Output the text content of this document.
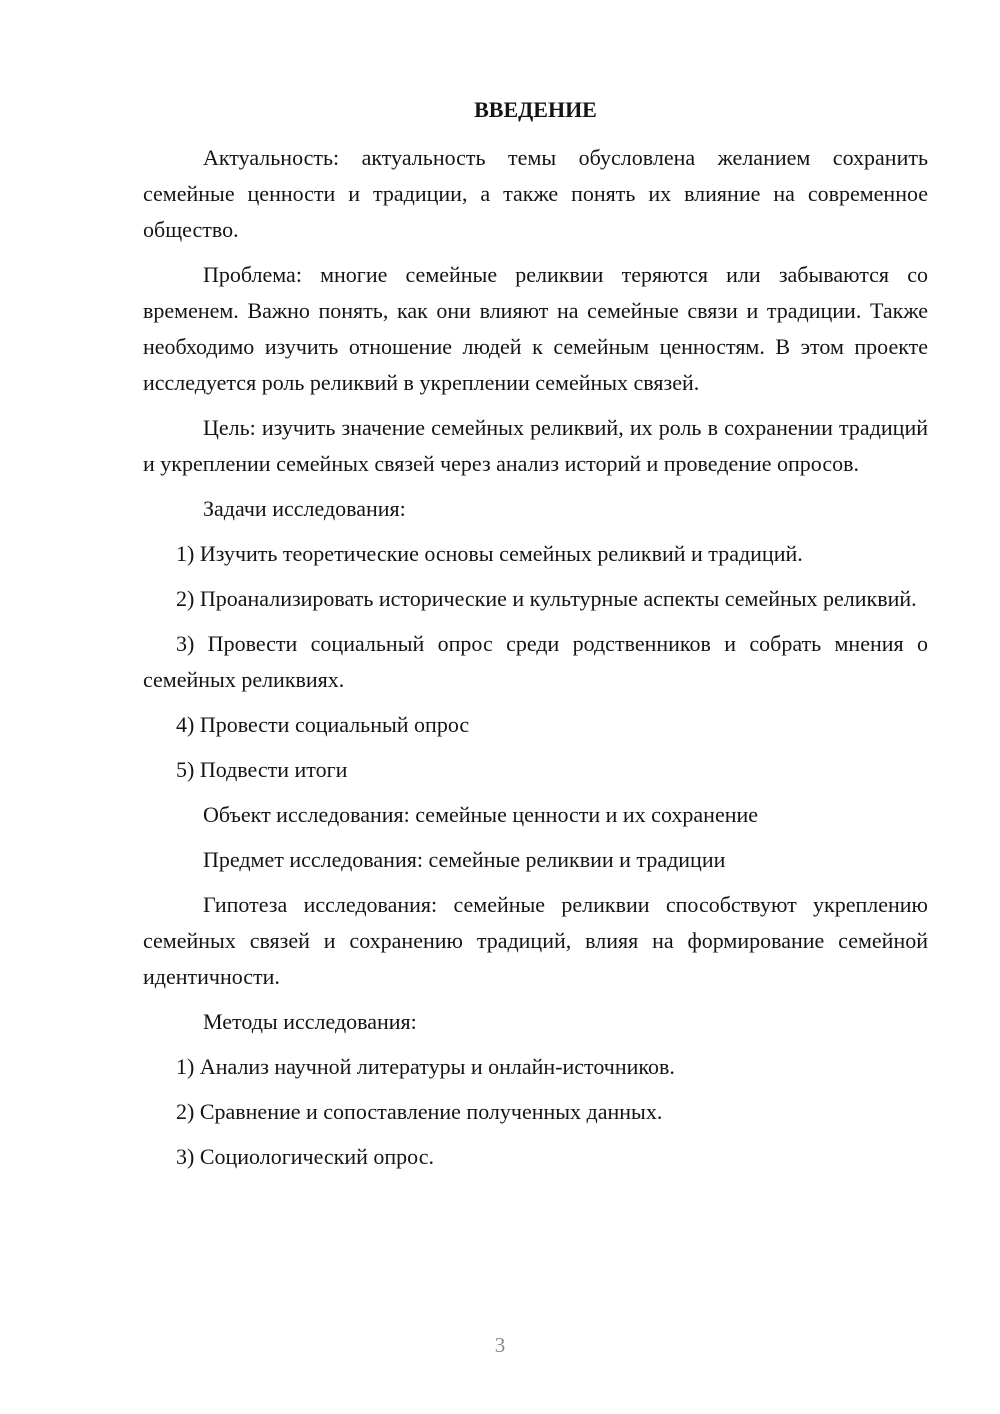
ВВЕДЕНИЕ
Актуальность: актуальность темы обусловлена желанием сохранить семейные ценности и традиции, а также понять их влияние на современное общество.
Проблема: многие семейные реликвии теряются или забываются со временем. Важно понять, как они влияют на семейные связи и традиции. Также необходимо изучить отношение людей к семейным ценностям. В этом проекте исследуется роль реликвий в укреплении семейных связей.
Цель: изучить значение семейных реликвий, их роль в сохранении традиций и укреплении семейных связей через анализ историй и проведение опросов.
Задачи исследования:
1) Изучить теоретические основы семейных реликвий и традиций.
2) Проанализировать исторические и культурные аспекты семейных реликвий.
3) Провести социальный опрос среди родственников и собрать мнения о семейных реликвиях.
4) Провести социальный опрос
5) Подвести итоги
Объект исследования: семейные ценности и их сохранение
Предмет исследования: семейные реликвии и традиции
Гипотеза исследования: семейные реликвии способствуют укреплению семейных связей и сохранению традиций, влияя на формирование семейной идентичности.
Методы исследования:
1) Анализ научной литературы и онлайн-источников.
2) Сравнение и сопоставление полученных данных.
3) Социологический опрос.
3
